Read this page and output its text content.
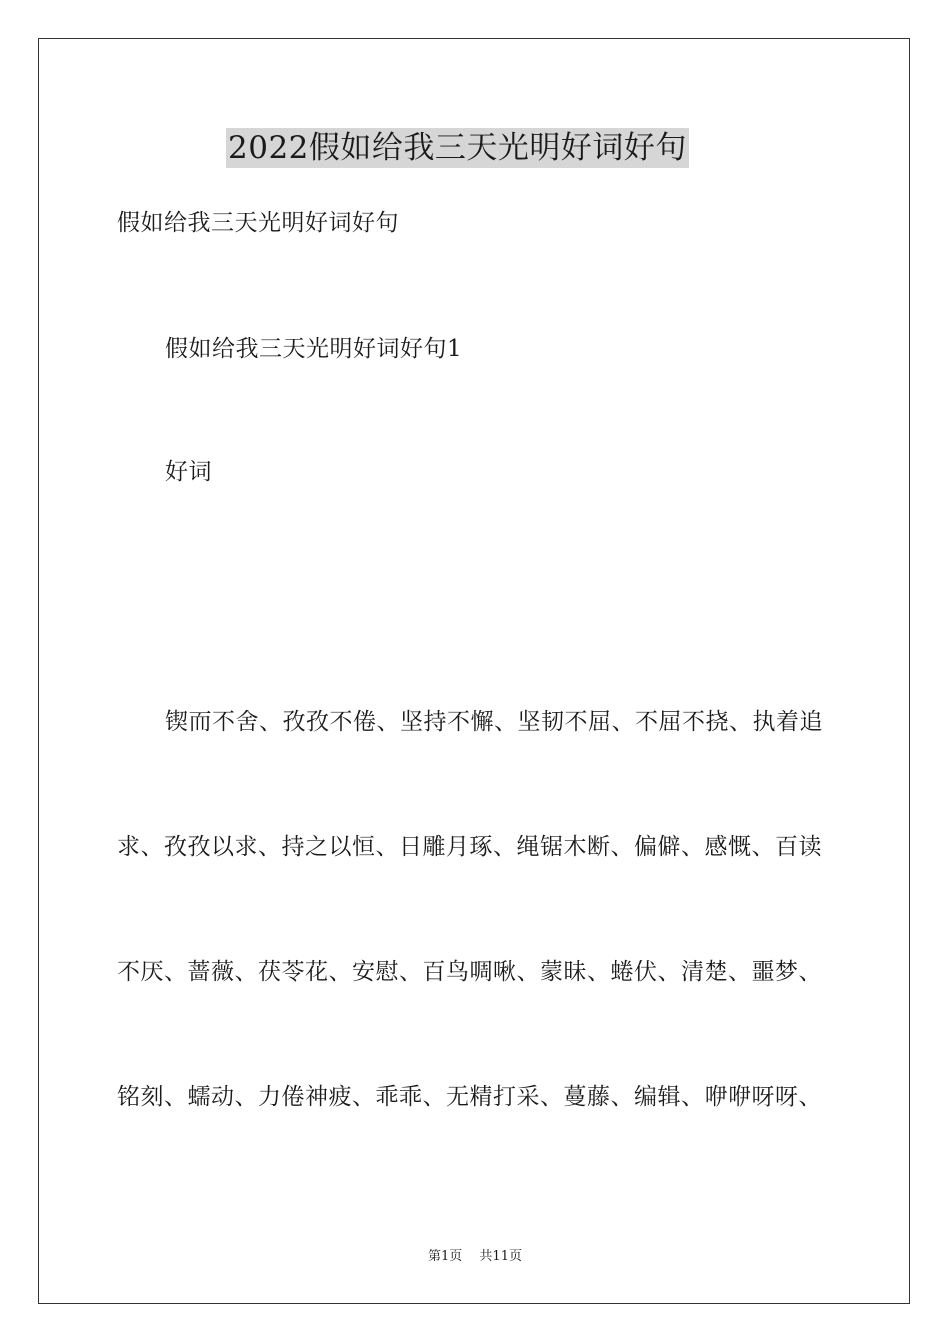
2022假如给我三天光明好词好句
假如给我三天光明好词好句
假如给我三天光明好词好句1
好词
锲而不舍、孜孜不倦、坚持不懈、坚韧不屈、不屈不挠、执着追
求、孜孜以求、持之以恒、日雕月琢、绳锯木断、偏僻、感慨、百读
不厌、蔷薇、茯苓花、安慰、百鸟啁啾、蒙昧、蜷伏、清楚、噩梦、
铭刻、蠕动、力倦神疲、乖乖、无精打采、蔓藤、编辑、咿咿呀呀、
第1页　 共11页
